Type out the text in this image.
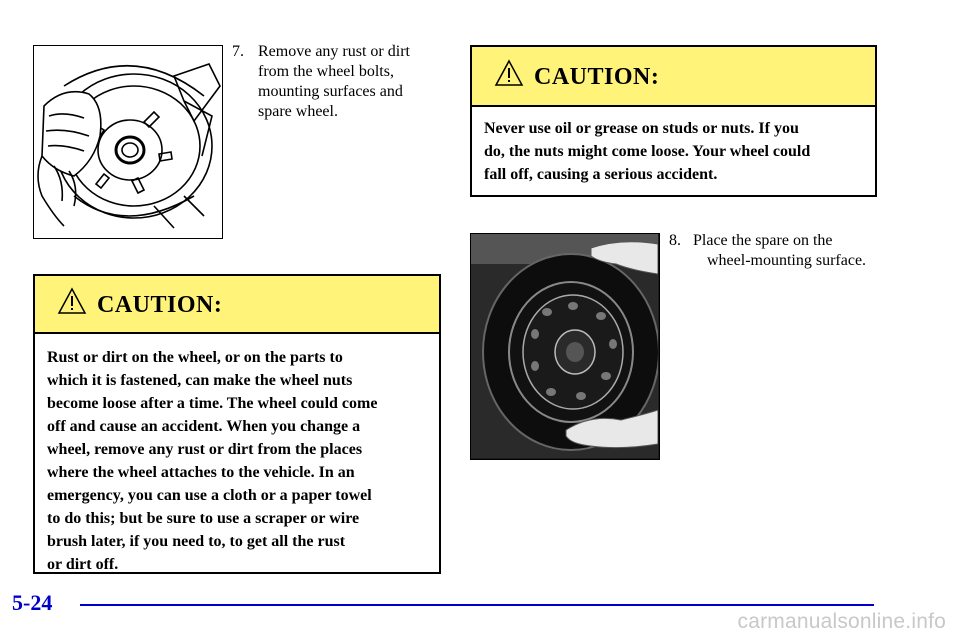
7. Remove any rust or dirt
from the wheel bolts,
mounting surfaces and
spare wheel.
CAUTION:
Rust or dirt on the wheel, or on the parts to
which it is fastened, can make the wheel nuts
become loose after a time. The wheel could come
off and cause an accident. When you change a
wheel, remove any rust or dirt from the places
where the wheel attaches to the vehicle. In an
emergency, you can use a cloth or a paper towel
to do this; but be sure to use a scraper or wire
brush later, if you need to, to get all the rust
or dirt off.
CAUTION:
Never use oil or grease on studs or nuts. If you
do, the nuts might come loose. Your wheel could
fall off, causing a serious accident.
8. Place the spare on the
wheel-mounting surface.
5-24
carmanualsonline.info
